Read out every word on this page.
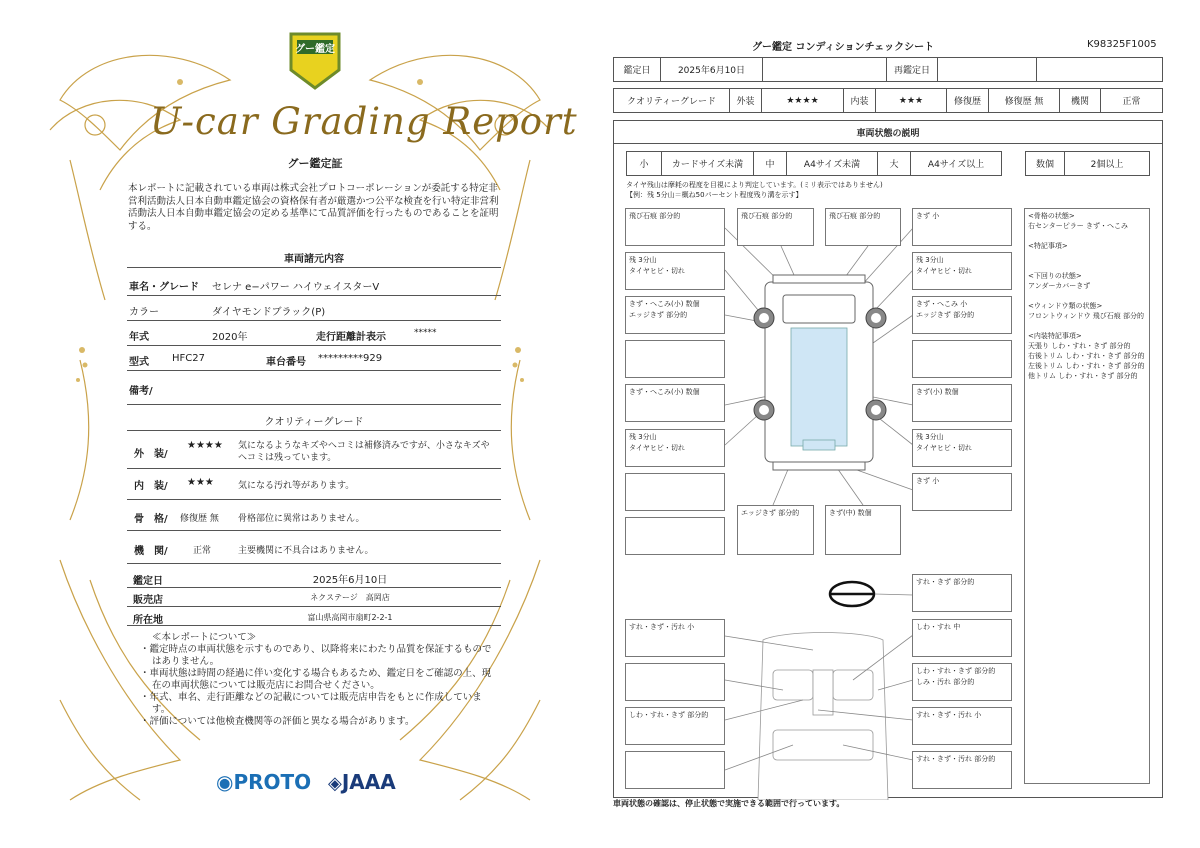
グー鑑定
U-car Grading Report
グー鑑定証
本レポートに記載されている車両は株式会社プロトコーポレーションが委託する特定非営利活動法人日本自動車鑑定協会の資格保有者が厳選かつ公平な検査を行い特定非営利活動法人日本自動車鑑定協会の定める基準にて品質評価を行ったものであることを証明する。
車両諸元内容
車名・グレード セレナ e−パワー ハイウェイスターV
カラー	ダイヤモンドブラック(P)
年式	2020年	走行距離計表示	*****
型式 HFC27	車台番号 *********929
備考/
クオリティーグレード
外　装/
★★★★ 気になるようなキズやヘコミは補修済みですが、小さなキズやヘコミは残っています。
内　装/ ★★★	気になる汚れ等があります。
骨　格/ 修復歴 無 骨格部位に異常はありません。
機　関/	正常	主要機関に不具合はありません。
鑑定日	2025年6月10日
販売店	ネクステージ　高岡店
所在地	富山県高岡市扇町2-2-1
≪本レポートについて≫
・鑑定時点の車両状態を示すものであり、以降将来にわたり品質を保証するものではありません。
・車両状態は時間の経過に伴い変化する場合もあるため、鑑定日をご確認の上、現在の車両状態については販売店にお問合せください。
・年式、車名、走行距離などの記載については販売店申告をもとに作成しています。
・評価については他検査機関等の評価と異なる場合があります。
◉PROTO ◈JAAA
グー鑑定 コンディションチェックシート	K98325F1005
鑑定日	2025年6月10日	再鑑定日
クオリティーグレード	外装	★★★★	内装	★★★	修復歴	修復歴 無	機関	正常
車両状態の説明
小	カードサイズ未満	中	A4サイズ未満	大	A4サイズ以上	数個	2個以上
タイヤ残山は摩耗の程度を目視により判定しています。(ミリ表示ではありません)
【例：残 5分山＝概ね50パーセント程度残り溝を示す】
飛び石痕 部分的	飛び石痕 部分的	飛び石痕 部分的	きず 小
残 3分山
タイヤヒビ・切れ
残 3分山
タイヤヒビ・切れ
きず・へこみ(小) 数個
エッジきず 部分的
きず・へこみ 小
エッジきず 部分的
きず・へこみ(小) 数個	きず(小) 数個
残 3分山
タイヤヒビ・切れ
残 3分山
タイヤヒビ・切れ
きず 小
エッジきず 部分的	きず(中) 数個
すれ・きず 部分的
すれ・きず・汚れ 小	しわ・すれ 中
しわ・すれ・きず 部分的
しみ・汚れ 部分的
しわ・すれ・きず 部分的	すれ・きず・汚れ 小
すれ・きず・汚れ 部分的
<骨格の状態>
右センターピラー きず・へこみ
<特記事項>
<下回りの状態>
アンダーカバーきず
<ウィンドウ類の状態>
フロントウィンドウ 飛び石痕 部分的
<内装特記事項>
天張り しわ・すれ・きず 部分的
右後トリム しわ・すれ・きず 部分的
左後トリム しわ・すれ・きず 部分的
他トリム しわ・すれ・きず 部分的
車両状態の確認は、停止状態で実施できる範囲で行っています。
